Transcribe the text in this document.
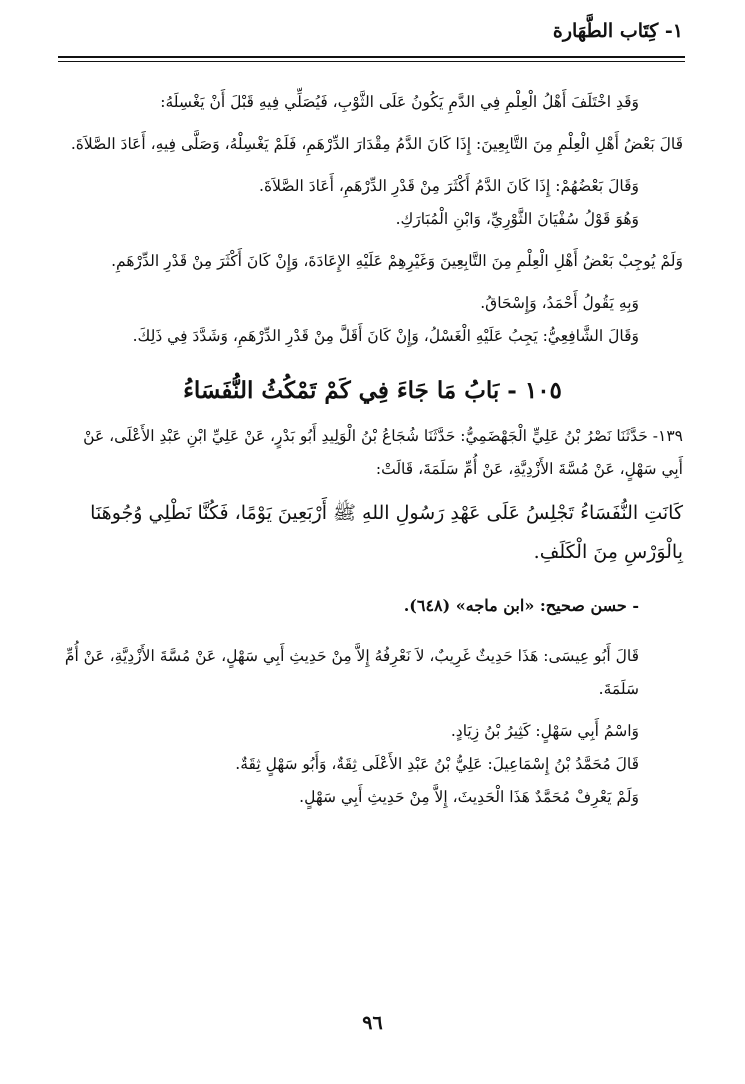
١- كِتَاب الطَّهَارة

وَقَدِ اخْتَلَفَ أَهْلُ الْعِلْمِ فِي الدَّمِ يَكُونُ عَلَى الثَّوْبِ، فَيُصَلِّي فِيهِ قَبْلَ أَنْ يَغْسِلَهُ:

قَالَ بَعْضُ أَهْلِ الْعِلْمِ مِنَ التَّابِعِينَ: إِذَا كَانَ الدَّمُ مِقْدَارَ الدِّرْهَمِ، فَلَمْ يَغْسِلْهُ، وَصَلَّى فِيهِ، أَعَادَ الصَّلاَةَ.

وَقَالَ بَعْضُهُمْ: إِذَا كَانَ الدَّمُ أَكْثَرَ مِنْ قَدْرِ الدِّرْهَمِ، أَعَادَ الصَّلاَةَ.

وَهُوَ قَوْلُ سُفْيَانَ الثَّوْرِيِّ، وَابْنِ الْمُبَارَكِ.

وَلَمْ يُوجِبْ بَعْضُ أَهْلِ الْعِلْمِ مِنَ التَّابِعِينَ وَغَيْرِهِمْ عَلَيْهِ الإِعَادَةَ، وَإِنْ كَانَ أَكْثَرَ مِنْ قَدْرِ الدِّرْهَمِ.

وَبِهِ يَقُولُ أَحْمَدُ، وَإِسْحَاقُ.

وَقَالَ الشَّافِعِيُّ: يَجِبُ عَلَيْهِ الْغَسْلُ، وَإِنْ كَانَ أَقَلَّ مِنْ قَدْرِ الدِّرْهَمِ، وَشَدَّدَ فِي ذَلِكَ.

١٠٥ - بَابُ مَا جَاءَ فِي كَمْ تَمْكُثُ النُّفَسَاءُ

١٣٩- حَدَّثَنَا نَصْرُ بْنُ عَلِيٍّ الْجَهْضَمِيُّ: حَدَّثَنَا شُجَاعُ بْنُ الْوَلِيدِ أَبُو بَدْرٍ، عَنْ عَلِيِّ ابْنِ عَبْدِ الأَعْلَى، عَنْ أَبِي سَهْلٍ، عَنْ مُسَّةَ الأَزْدِيَّةِ، عَنْ أُمِّ سَلَمَةَ، قَالَتْ:

كَانَتِ النُّفَسَاءُ تَجْلِسُ عَلَى عَهْدِ رَسُولِ اللهِ ﷺ أَرْبَعِينَ يَوْمًا، فَكُنَّا نَطْلِي وُجُوهَنَا بِالْوَرْسِ مِنَ الْكَلَفِ.

- حسن صحيح: «ابن ماجه» (٦٤٨).

قَالَ أَبُو عِيسَى: هَذَا حَدِيثٌ غَرِيبٌ، لاَ نَعْرِفُهُ إِلاَّ مِنْ حَدِيثِ أَبِي سَهْلٍ، عَنْ مُسَّةَ الأَزْدِيَّةِ، عَنْ أُمِّ سَلَمَةَ.

وَاسْمُ أَبِي سَهْلٍ: كَثِيرُ بْنُ زِيَادٍ.

قَالَ مُحَمَّدُ بْنُ إِسْمَاعِيلَ: عَلِيُّ بْنُ عَبْدِ الأَعْلَى ثِقَةٌ، وَأَبُو سَهْلٍ ثِقَةٌ.

وَلَمْ يَعْرِفْ مُحَمَّدٌ هَذَا الْحَدِيثَ، إِلاَّ مِنْ حَدِيثِ أَبِي سَهْلٍ.

٩٦
